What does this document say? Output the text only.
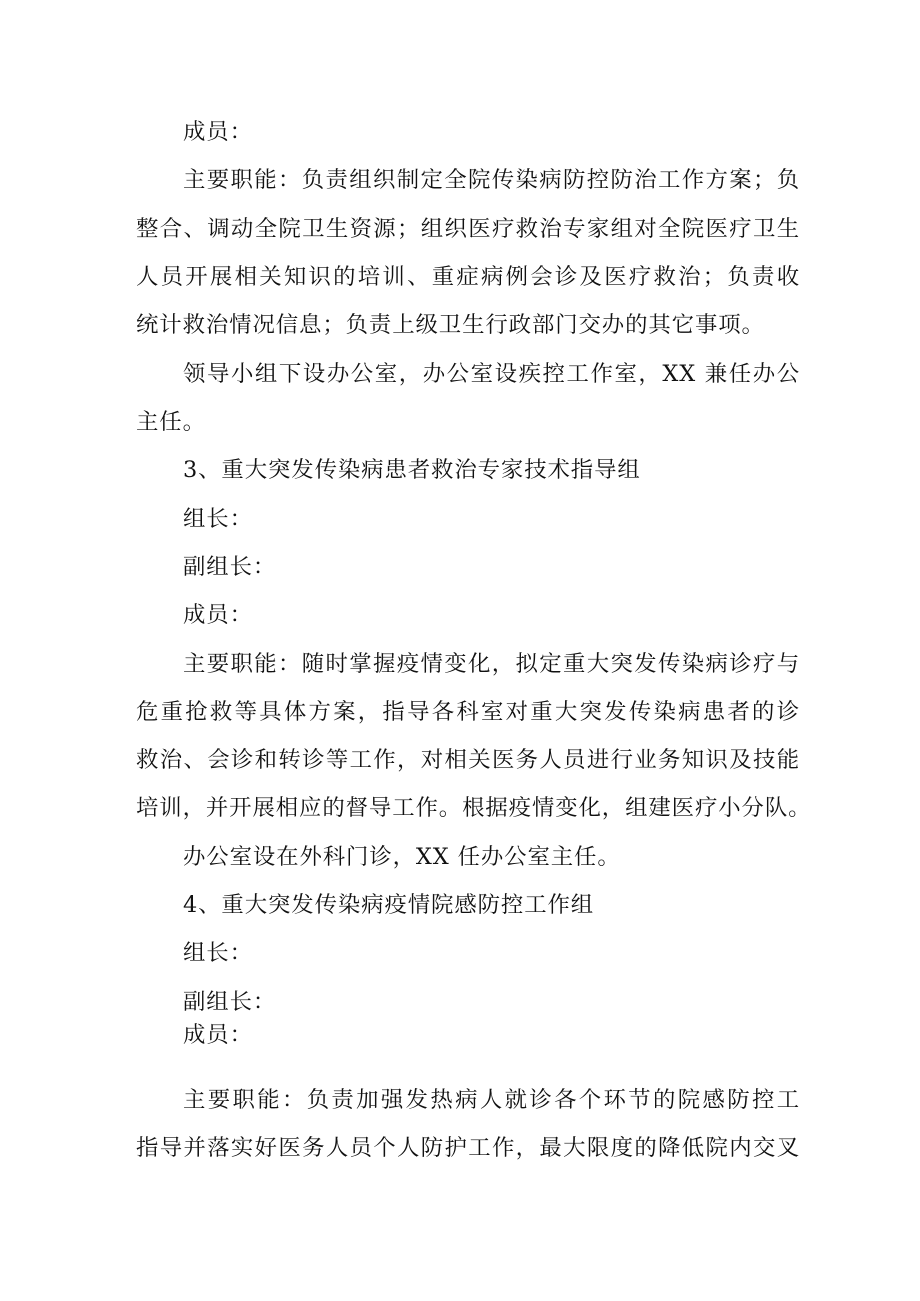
成员：
主要职能：负责组织制定全院传染病防控防治工作方案；负
整合、调动全院卫生资源；组织医疗救治专家组对全院医疗卫生
人员开展相关知识的培训、重症病例会诊及医疗救治；负责收
统计救治情况信息；负责上级卫生行政部门交办的其它事项。
领导小组下设办公室，办公室设疾控工作室，XX 兼任办公
主任。
3、重大突发传染病患者救治专家技术指导组
组长：
副组长：
成员：
主要职能：随时掌握疫情变化，拟定重大突发传染病诊疗与
危重抢救等具体方案，指导各科室对重大突发传染病患者的诊
救治、会诊和转诊等工作，对相关医务人员进行业务知识及技能
培训，并开展相应的督导工作。根据疫情变化，组建医疗小分队。
办公室设在外科门诊，XX 任办公室主任。
4、重大突发传染病疫情院感防控工作组
组长：
副组长：
成员：
主要职能：负责加强发热病人就诊各个环节的院感防控工
指导并落实好医务人员个人防护工作，最大限度的降低院内交叉
